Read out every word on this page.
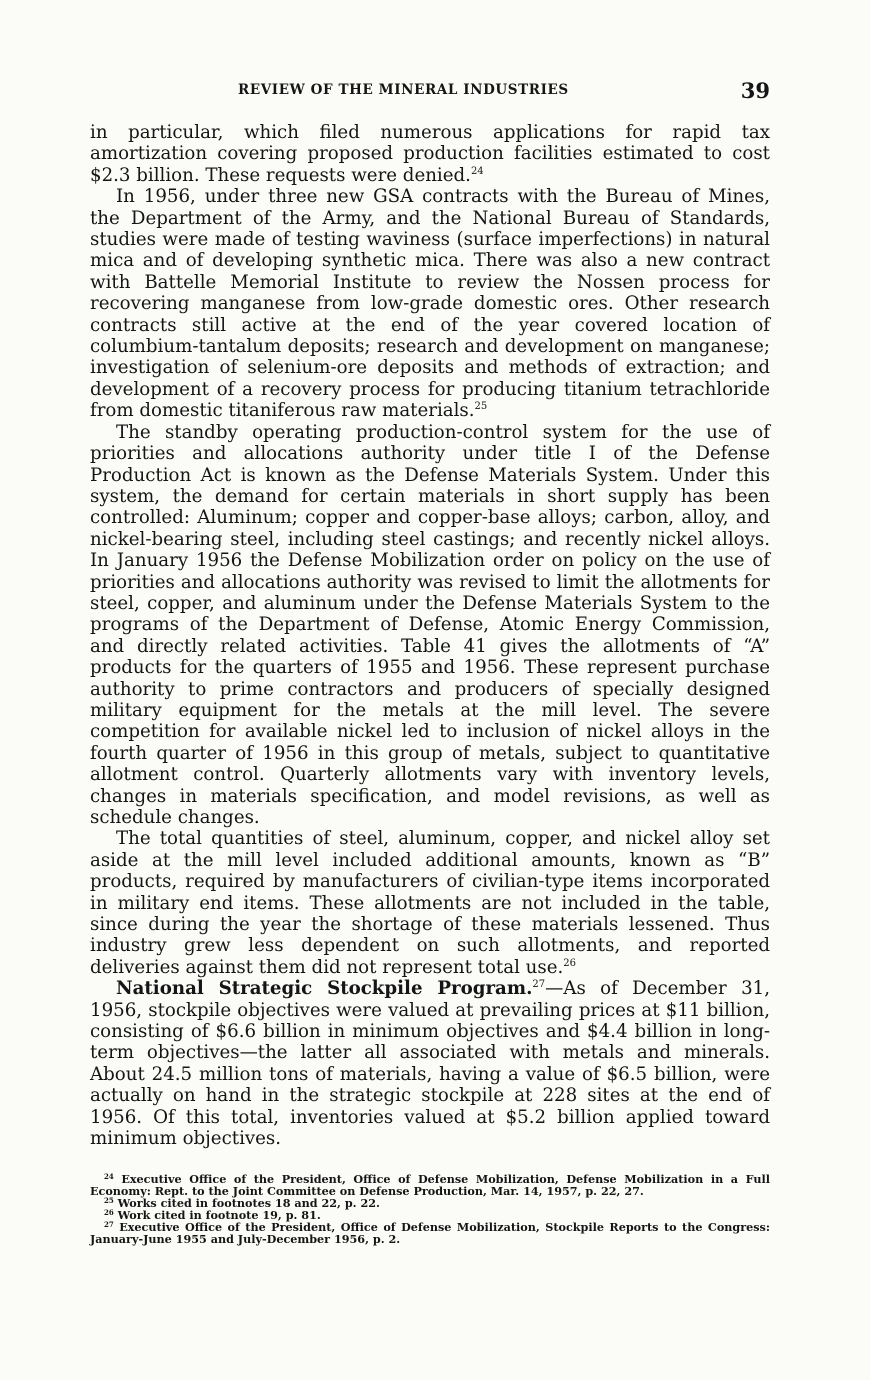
REVIEW OF THE MINERAL INDUSTRIES	39

in particular, which filed numerous applications for rapid tax amortization covering proposed production facilities estimated to cost $2.3 billion. These requests were denied.$^{24}$

In 1956, under three new GSA contracts with the Bureau of Mines, the Department of the Army, and the National Bureau of Standards, studies were made of testing waviness (surface imperfections) in natural mica and of developing synthetic mica. There was also a new contract with Battelle Memorial Institute to review the Nossen process for recovering manganese from low-grade domestic ores. Other research contracts still active at the end of the year covered location of columbium-tantalum deposits; research and development on manganese; investigation of selenium-ore deposits and methods of extraction; and development of a recovery process for producing titanium tetrachloride from domestic titaniferous raw materials.$^{25}$

The standby operating production-control system for the use of priorities and allocations authority under title I of the Defense Production Act is known as the Defense Materials System. Under this system, the demand for certain materials in short supply has been controlled: Aluminum; copper and copper-base alloys; carbon, alloy, and nickel-bearing steel, including steel castings; and recently nickel alloys. In January 1956 the Defense Mobilization order on policy on the use of priorities and allocations authority was revised to limit the allotments for steel, copper, and aluminum under the Defense Materials System to the programs of the Department of Defense, Atomic Energy Commission, and directly related activities. Table 41 gives the allotments of “A” products for the quarters of 1955 and 1956. These represent purchase authority to prime contractors and producers of specially designed military equipment for the metals at the mill level. The severe competition for available nickel led to inclusion of nickel alloys in the fourth quarter of 1956 in this group of metals, subject to quantitative allotment control. Quarterly allotments vary with inventory levels, changes in materials specification, and model revisions, as well as schedule changes.

The total quantities of steel, aluminum, copper, and nickel alloy set aside at the mill level included additional amounts, known as “B” products, required by manufacturers of civilian-type items incorporated in military end items. These allotments are not included in the table, since during the year the shortage of these materials lessened. Thus industry grew less dependent on such allotments, and reported deliveries against them did not represent total use.$^{26}$

National Strategic Stockpile Program.$^{27}$—As of December 31, 1956, stockpile objectives were valued at prevailing prices at $11 billion, consisting of $6.6 billion in minimum objectives and $4.4 billion in long-term objectives—the latter all associated with metals and minerals. About 24.5 million tons of materials, having a value of $6.5 billion, were actually on hand in the strategic stockpile at 228 sites at the end of 1956. Of this total, inventories valued at $5.2 billion applied toward minimum objectives.

$^{24}$ Executive Office of the President, Office of Defense Mobilization, Defense Mobilization in a Full Economy: Rept. to the Joint Committee on Defense Production, Mar. 14, 1957, p. 22, 27.

$^{25}$ Works cited in footnotes 18 and 22, p. 22.

$^{26}$ Work cited in footnote 19, p. 81.

$^{27}$ Executive Office of the President, Office of Defense Mobilization, Stockpile Reports to the Congress: January-June 1955 and July-December 1956, p. 2.
